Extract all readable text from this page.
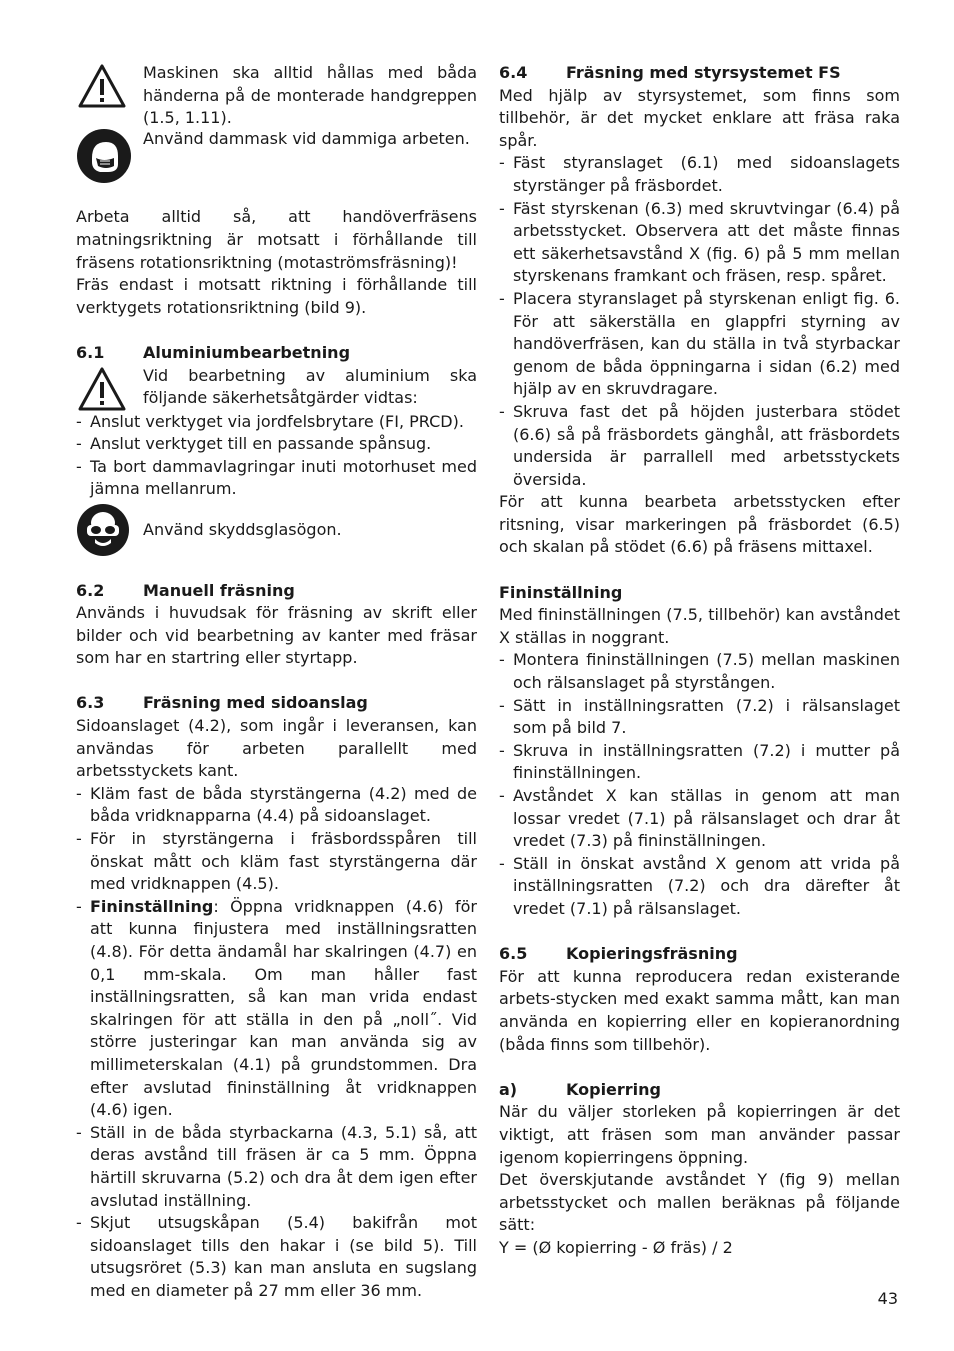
Maskinen ska alltid hållas med båda händerna på de monterade handgreppen (1.5, 1.11).

Använd dammask vid dammiga arbeten.

Arbeta alltid så, att handöverfräsens matningsriktning är motsatt i förhållande till fräsens rotationsriktning (motaströmsfräsning)!

Fräs endast i motsatt riktning i förhållande till verktygets rotationsriktning (bild 9).

6.1	Aluminiumbearbetning

Vid bearbetning av aluminium ska följande säkerhetsåtgärder vidtas:

- Anslut verktyget via jordfelsbrytare (FI, PRCD).
- Anslut verktyget till en passande spånsug.
- Ta bort dammavlagringar inuti motorhuset med jämna mellanrum.

Använd skyddsglasögon.

6.2	Manuell fräsning

Används i huvudsak för fräsning av skrift eller bilder och vid bearbetning av kanter med fräsar som har en startring eller styrtapp.

6.3	Fräsning med sidoanslag

Sidoanslaget (4.2), som ingår i leveransen, kan användas för arbeten parallellt med arbetsstyckets kant.

- Kläm fast de båda styrstängerna (4.2) med de båda vridknapparna (4.4) på sidoanslaget.
- För in styrstängerna i fräsbordsspåren till önskat mått och kläm fast styrstängerna där med vridknappen (4.5).
- Fininställning: Öppna vridknappen (4.6) för att kunna finjustera med inställningsratten (4.8). För detta ändamål har skalringen (4.7) en 0,1 mm-skala. Om man håller fast inställningsratten, så kan man vrida endast skalringen för att ställa in den på „noll˝. Vid större justeringar kan man använda sig av millimeterskalan (4.1) på grundstommen. Dra efter avslutad fininställning åt vridknappen (4.6) igen.
- Ställ in de båda styrbackarna (4.3, 5.1) så, att deras avstånd till fräsen är ca 5 mm. Öppna härtill skruvarna (5.2) och dra åt dem igen efter avslutad inställning.
- Skjut utsugskåpan (5.4) bakifrån mot sidoanslaget tills den hakar i (se bild 5). Till utsugsröret (5.3) kan man ansluta en sugslang med en diameter på 27 mm eller 36 mm.
6.4	Fräsning med styrsystemet FS

Med hjälp av styrsystemet, som finns som tillbehör, är det mycket enklare att fräsa raka spår.

- Fäst styranslaget (6.1) med sidoanslagets styrstänger på fräsbordet.
- Fäst styrskenan (6.3) med skruvtvingar (6.4) på arbetsstycket. Observera att det måste finnas ett säkerhetsavstånd X (fig. 6) på 5 mm mellan styrskenans framkant och fräsen, resp. spåret.
- Placera styranslaget på styrskenan enligt fig. 6. För att säkerställa en glappfri styrning av handöverfräsen, kan du ställa in två styrbackar genom de båda öppningarna i sidan (6.2) med hjälp av en skruvdragare.
- Skruva fast det på höjden justerbara stödet (6.6) så på fräsbordets gänghål, att fräsbordets undersida är parrallell med arbetsstyckets översida.

För att kunna bearbeta arbetsstycken efter ritsning, visar markeringen på fräsbordet (6.5) och skalan på stödet (6.6) på fräsens mittaxel.

Fininställning

Med fininställningen (7.5, tillbehör) kan avståndet X ställas in noggrant.

- Montera fininställningen (7.5) mellan maskinen och rälsanslaget på styrstången.
- Sätt in inställningsratten (7.2) i rälsanslaget som på bild 7.
- Skruva in inställningsratten (7.2) i mutter på fininställningen.
- Avståndet X kan ställas in genom att man lossar vredet (7.1) på rälsanslaget och drar åt vredet (7.3) på fininställningen.
- Ställ in önskat avstånd X genom att vrida på inställningsratten (7.2) och dra därefter åt vredet (7.1) på rälsanslaget.
6.5	Kopieringsfräsning

För att kunna reproducera redan existerande arbets-stycken med exakt samma mått, kan man använda en kopierring eller en kopieranordning (båda finns som tillbehör).

a)	Kopierring

När du väljer storleken på kopierringen är det viktigt, att fräsen som man använder passar igenom kopierringens öppning.

Det överskjutande avståndet Y (fig 9) mellan arbetsstycket och mallen beräknas på följande sätt:

Y = (Ø kopierring - Ø fräs) / 2

43
